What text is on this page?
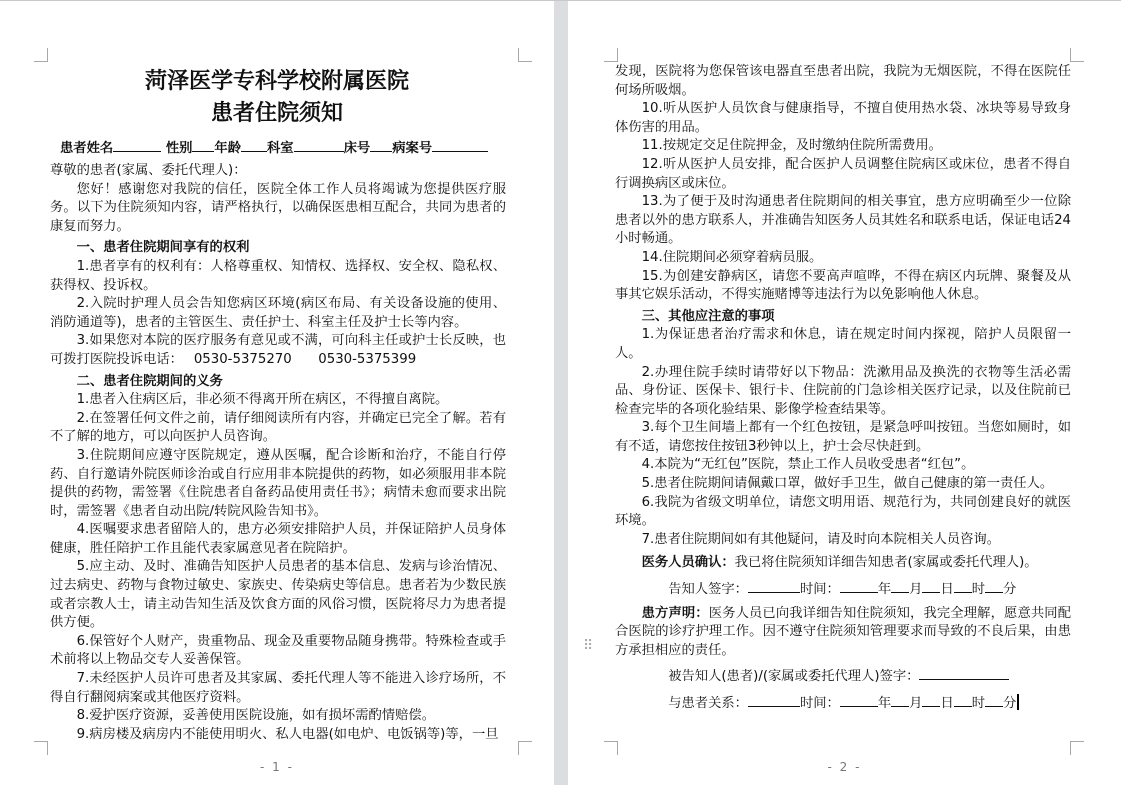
菏泽医学专科学校附属医院
患者住院须知
患者姓名	性别 年龄 科室	床号 病案号

尊敬的患者(家属、委托代理人)：

您好！感谢您对我院的信任，医院全体工作人员将竭诚为您提供医疗服务。以下为住院须知内容，请严格执行，以确保医患相互配合，共同为患者的康复而努力。

一、患者住院期间享有的权利

1.患者享有的权利有：人格尊重权、知情权、选择权、安全权、隐私权、获得权、投诉权。

2.入院时护理人员会告知您病区环境(病区布局、有关设备设施的使用、消防通道等)，患者的主管医生、责任护士、科室主任及护士长等内容。

3.如果您对本院的医疗服务有意见或不满，可向科主任或护士长反映，也可拨打医院投诉电话：　 0530-5375270　　0530-5375399

二、患者住院期间的义务

1.患者入住病区后，非必须不得离开所在病区，不得擅自离院。

2.在签署任何文件之前，请仔细阅读所有内容，并确定已完全了解。若有不了解的地方，可以向医护人员咨询。

3.住院期间应遵守医院规定，遵从医嘱，配合诊断和治疗，不能自行停药、自行邀请外院医师诊治或自行应用非本院提供的药物，如必须服用非本院提供的药物，需签署《住院患者自备药品使用责任书》；病情未愈而要求出院时，需签署《患者自动出院/转院风险告知书》。

4.医嘱要求患者留陪人的，患方必须安排陪护人员，并保证陪护人员身体健康，胜任陪护工作且能代表家属意见者在院陪护。

5.应主动、及时、准确告知医护人员患者的基本信息、发病与诊治情况、过去病史、药物与食物过敏史、家族史、传染病史等信息。患者若为少数民族或者宗教人士，请主动告知生活及饮食方面的风俗习惯，医院将尽力为患者提供方便。

6.保管好个人财产，贵重物品、现金及重要物品随身携带。特殊检查或手术前将以上物品交专人妥善保管。

7.未经医护人员许可患者及其家属、委托代理人等不能进入诊疗场所，不得自行翻阅病案或其他医疗资料。

8.爱护医疗资源，妥善使用医院设施，如有损坏需酌情赔偿。

9.病房楼及病房内不能使用明火、私人电器(如电炉、电饭锅等)等，一旦

- 1 -

发现，医院将为您保管该电器直至患者出院，我院为无烟医院，不得在医院任何场所吸烟。

10.听从医护人员饮食与健康指导，不擅自使用热水袋、冰块等易导致身体伤害的用品。

11.按规定交足住院押金，及时缴纳住院所需费用。

12.听从医护人员安排，配合医护人员调整住院病区或床位，患者不得自行调换病区或床位。

13.为了便于及时沟通患者住院期间的相关事宜，患方应明确至少一位除患者以外的患方联系人，并准确告知医务人员其姓名和联系电话，保证电话24小时畅通。

14.住院期间必须穿着病员服。

15.为创建安静病区，请您不要高声喧哗，不得在病区内玩牌、聚餐及从事其它娱乐活动，不得实施赌博等违法行为以免影响他人休息。

三、其他应注意的事项

1.为保证患者治疗需求和休息，请在规定时间内探视，陪护人员限留一人。

2.办理住院手续时请带好以下物品：洗漱用品及换洗的衣物等生活必需品、身份证、医保卡、银行卡、住院前的门急诊相关医疗记录，以及住院前已检查完毕的各项化验结果、影像学检查结果等。

3.每个卫生间墙上都有一个红色按钮，是紧急呼叫按钮。当您如厕时，如有不适，请您按住按钮3秒钟以上，护士会尽快赶到。

4.本院为“无红包”医院，禁止工作人员收受患者“红包”。

5.患者住院期间请佩戴口罩，做好手卫生，做自己健康的第一责任人。

6.我院为省级文明单位，请您文明用语、规范行为，共同创建良好的就医环境。

7.患者住院期间如有其他疑问，请及时向本院相关人员咨询。

医务人员确认：我已将住院须知详细告知患者(家属或委托代理人)。

告知人签字：	时间：	年 月 日 时 分

患方声明：医务人员已向我详细告知住院须知，我完全理解，愿意共同配合医院的诊疗护理工作。因不遵守住院须知管理要求而导致的不良后果，由患方承担相应的责任。

被告知人(患者)/(家属或委托代理人)签字：

与患者关系：	时间：	年 月 日 时 分

- 2 -
⠿
